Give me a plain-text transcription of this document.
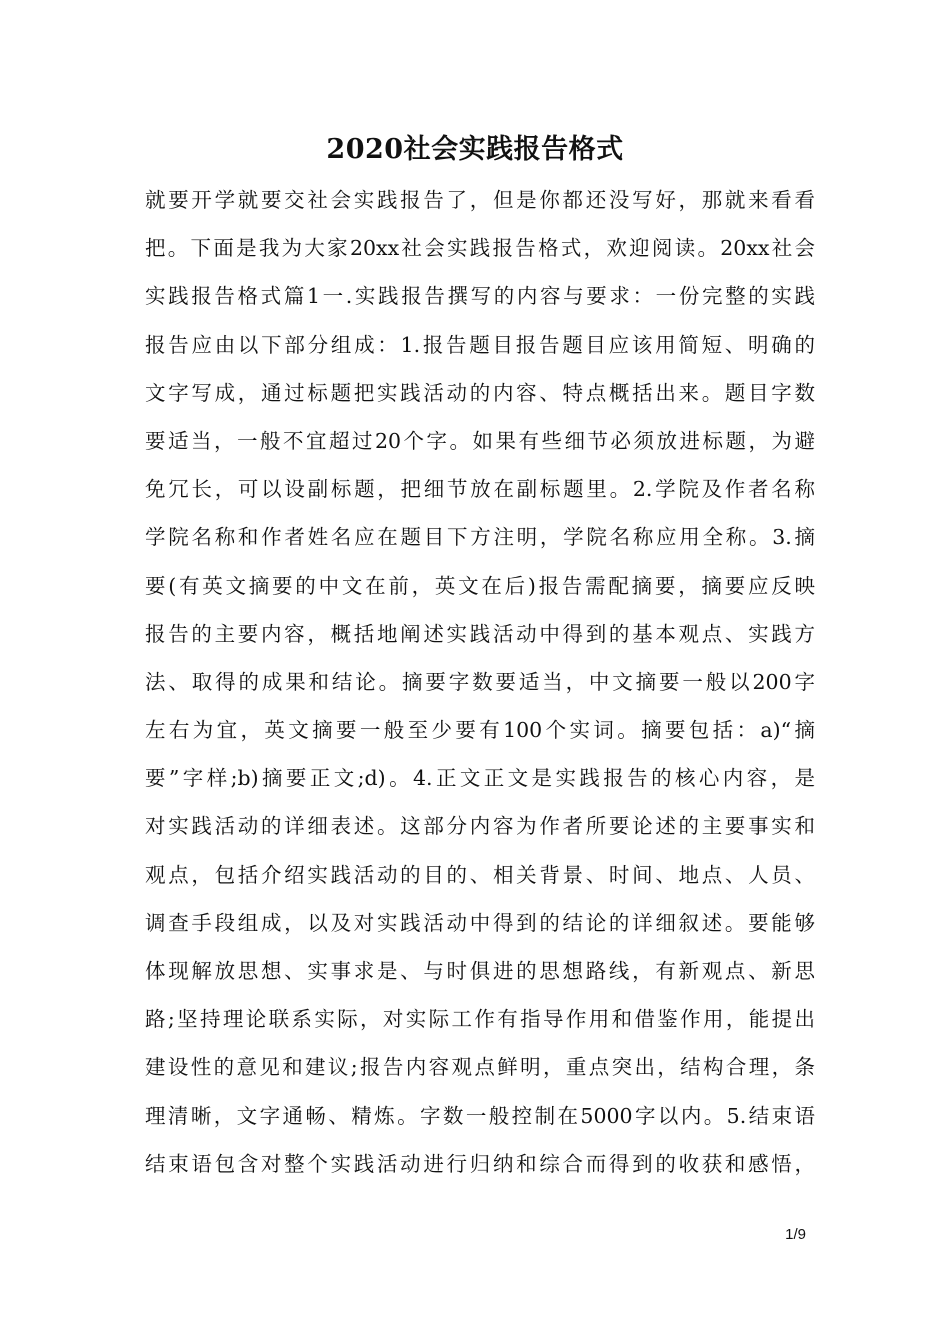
2020社会实践报告格式
就要开学就要交社会实践报告了，但是你都还没写好，那就来看看
把。下面是我为大家20xx社会实践报告格式，欢迎阅读。20xx社会
实践报告格式篇1一.实践报告撰写的内容与要求：一份完整的实践
报告应由以下部分组成：1.报告题目报告题目应该用简短、明确的
文字写成，通过标题把实践活动的内容、特点概括出来。题目字数
要适当，一般不宜超过20个字。如果有些细节必须放进标题，为避
免冗长，可以设副标题，把细节放在副标题里。2.学院及作者名称
学院名称和作者姓名应在题目下方注明，学院名称应用全称。3.摘
要(有英文摘要的中文在前，英文在后)报告需配摘要，摘要应反映
报告的主要内容，概括地阐述实践活动中得到的基本观点、实践方
法、取得的成果和结论。摘要字数要适当，中文摘要一般以200字
左右为宜，英文摘要一般至少要有100个实词。摘要包括：a)“摘
要”字样;b)摘要正文;d)。4.正文正文是实践报告的核心内容，是
对实践活动的详细表述。这部分内容为作者所要论述的主要事实和
观点，包括介绍实践活动的目的、相关背景、时间、地点、人员、
调查手段组成，以及对实践活动中得到的结论的详细叙述。要能够
体现解放思想、实事求是、与时俱进的思想路线，有新观点、新思
路;坚持理论联系实际，对实际工作有指导作用和借鉴作用，能提出
建设性的意见和建议;报告内容观点鲜明，重点突出，结构合理，条
理清晰，文字通畅、精炼。字数一般控制在5000字以内。5.结束语
结束语包含对整个实践活动进行归纳和综合而得到的收获和感悟，
1/9
